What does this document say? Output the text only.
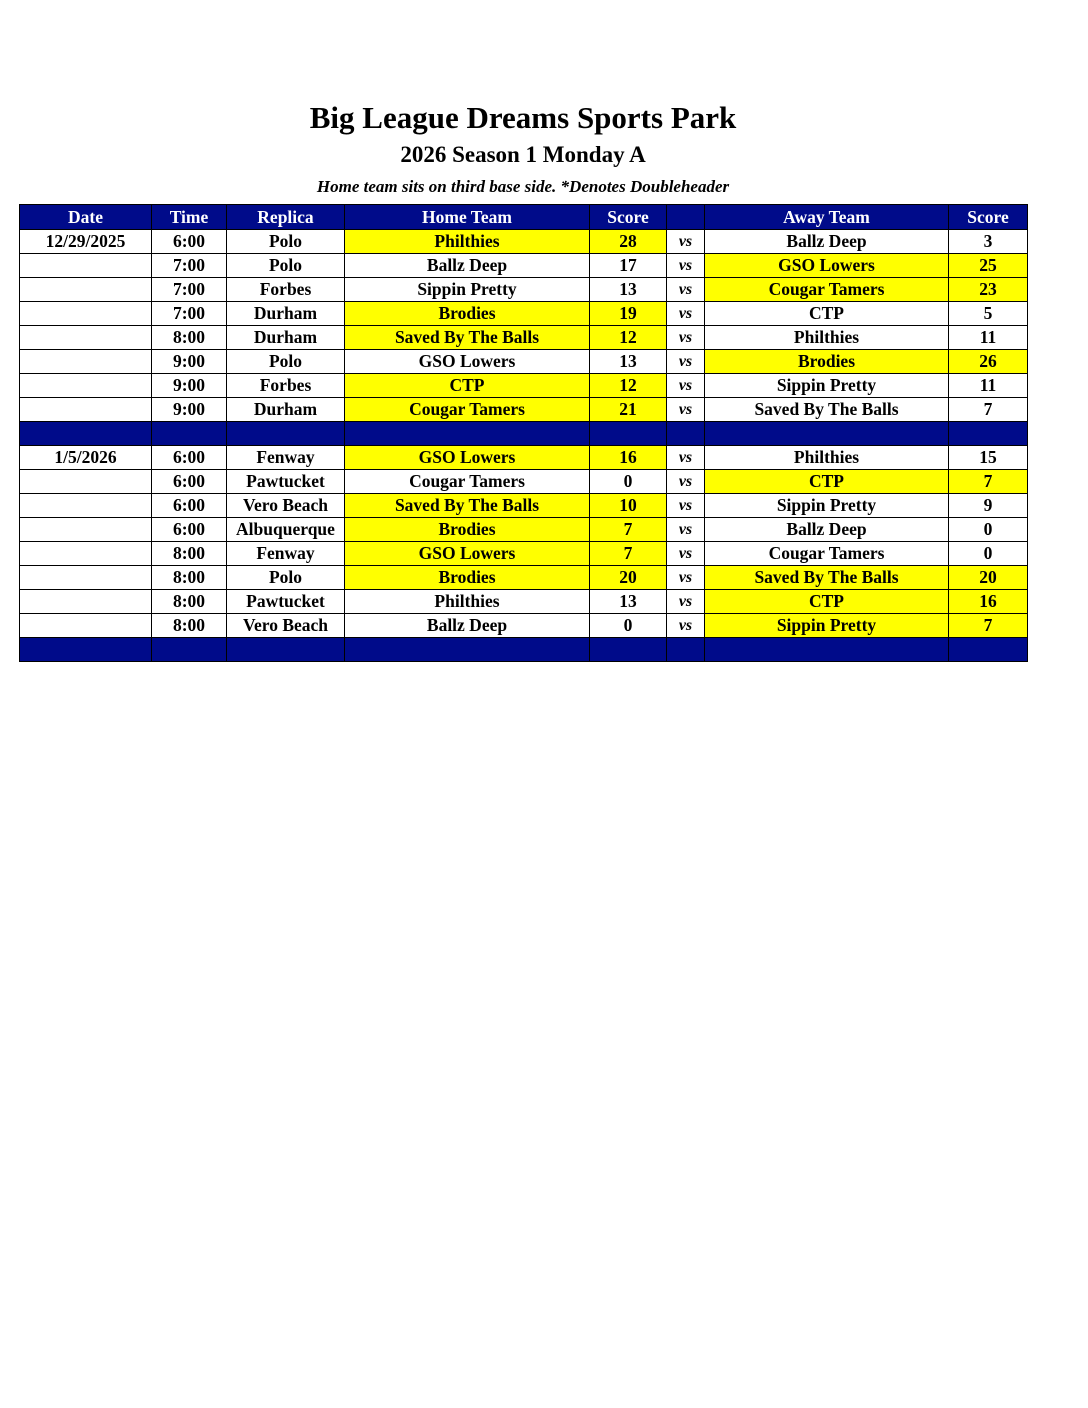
Big League Dreams Sports Park
2026 Season 1 Monday A
Home team sits on third base side. *Denotes Doubleheader
Date	Time	Replica	Home Team	Score		Away Team	Score
12/29/2025	6:00	Polo	Philthies	28	vs	Ballz Deep	3
	7:00	Polo	Ballz Deep	17	vs	GSO Lowers	25
	7:00	Forbes	Sippin Pretty	13	vs	Cougar Tamers	23
	7:00	Durham	Brodies	19	vs	CTP	5
	8:00	Durham	Saved By The Balls	12	vs	Philthies	11
	9:00	Polo	GSO Lowers	13	vs	Brodies	26
	9:00	Forbes	CTP	12	vs	Sippin Pretty	11
	9:00	Durham	Cougar Tamers	21	vs	Saved By The Balls	7

1/5/2026	6:00	Fenway	GSO Lowers	16	vs	Philthies	15
	6:00	Pawtucket	Cougar Tamers	0	vs	CTP	7
	6:00	Vero Beach	Saved By The Balls	10	vs	Sippin Pretty	9
	6:00	Albuquerque	Brodies	7	vs	Ballz Deep	0
	8:00	Fenway	GSO Lowers	7	vs	Cougar Tamers	0
	8:00	Polo	Brodies	20	vs	Saved By The Balls	20
	8:00	Pawtucket	Philthies	13	vs	CTP	16
	8:00	Vero Beach	Ballz Deep	0	vs	Sippin Pretty	7
